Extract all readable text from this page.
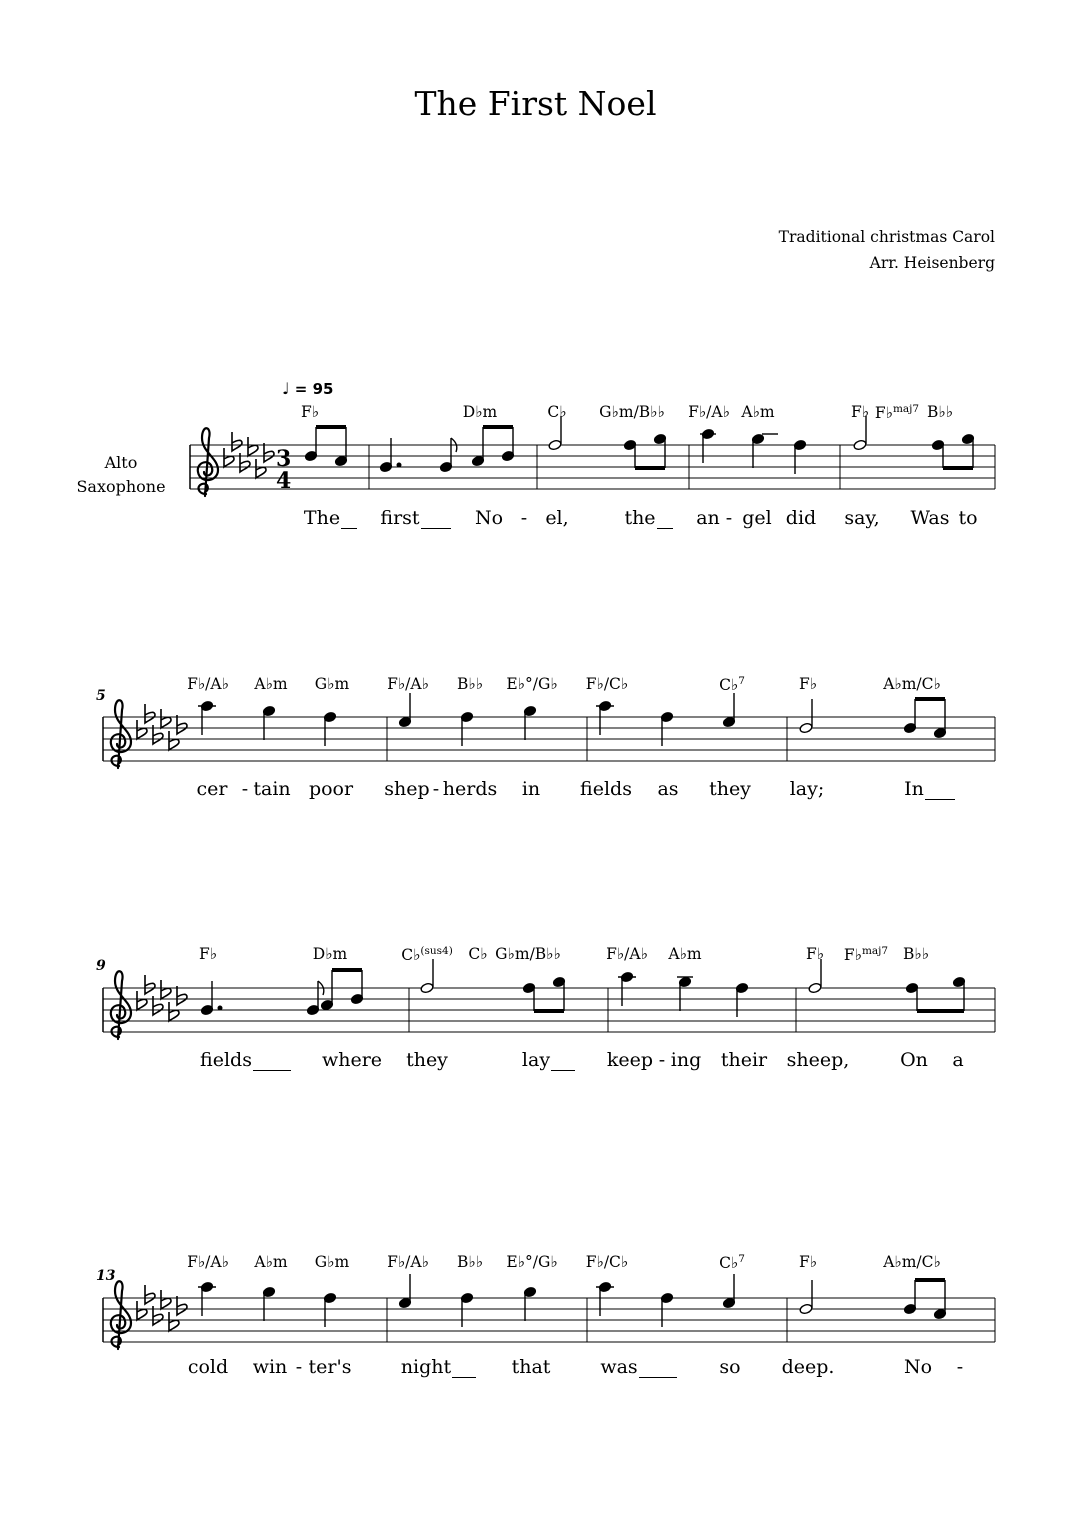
The First Noel
Traditional christmas Carol
Arr. Heisenberg
Alto
Saxophone
♩ = 95
3
4
F♭	D♭m	C♭ G♭m/B♭♭ F♭/A♭ A♭m	F♭ F♭$^{maj7}$ B♭♭
The first	No - el,	the an - gel did say, Was to
5
F♭/A♭ A♭m G♭m F♭/A♭ B♭♭ E♭°/G♭ F♭/C♭	C♭$^7$	F♭	A♭m/C♭
cer - tain poor shep - herds in fields as they lay;	In
9
F♭	D♭m	C♭$^{(sus4)}$ C♭ G♭m/B♭♭	F♭/A♭ A♭m	F♭ F♭$^{maj7}$ B♭♭
fields	where they	lay	keep - ing their sheep,	On a
13
F♭/A♭ A♭m G♭m F♭/A♭ B♭♭ E♭°/G♭ F♭/C♭	C♭$^7$	F♭	A♭m/C♭
cold win - ter's	night	that	was	so deep.	No -
